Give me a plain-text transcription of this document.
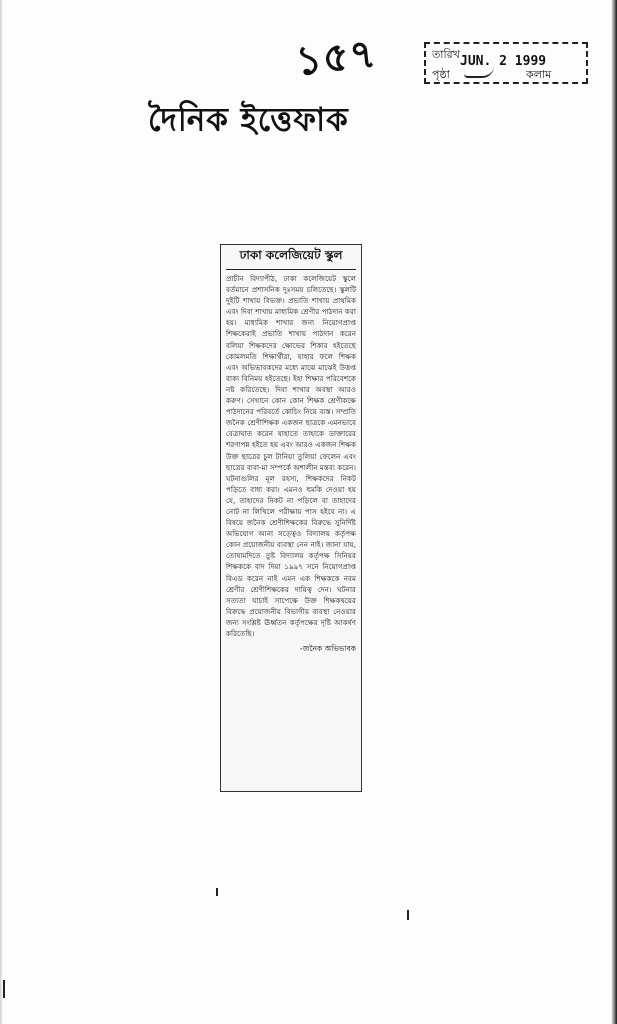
১৫৭
দৈনিক ইত্তেফাক
তারিখ JUN. 2 1999
পৃষ্ঠা	কলাম
ঢাকা কলেজিয়েট স্কুল

প্রাচীন বিদ্যাপীঠ, ঢাকা কলেজিয়েট স্কুলে বর্তমানে প্রশাসনিক দুঃসময় চলিতেছে। স্কুলটি দুইটি শাখায় বিভক্ত। প্রভাতি শাখায় প্রাথমিক এবং দিবা শাখায় মাধ্যমিক শ্রেণীর পাঠদান করা হয়। মাধ্যমিক শাখার জন্য নিয়োগপ্রাপ্ত শিক্ষকেরাই প্রভাতি শাখায় পাঠদান করেন বলিয়া শিক্ষকদের ক্ষোভের শিকার হইতেছে কোমলমতি শিক্ষার্থীরা, যাহার ফলে শিক্ষক এবং অভিভাবকদের মধ্যে মাঝে মাঝেই উত্তপ্ত বাক্য বিনিময় হইতেছে। ইহা শিক্ষার পরিবেশকে নষ্ট করিতেছে। দিবা শাখার অবস্থা আরও করুণ। সেখানে কোন কোন শিক্ষক শ্রেণীকক্ষে পাঠদানের পরিবর্তে কোচিং নিয়ে ব্যস্ত। সম্প্রতি জনৈক শ্রেণীশিক্ষক একজন ছাত্রকে এমনভাবে বেত্রাঘাত করেন যাহাতে তাহাকে ডাক্তারের শরণাপন্ন হইতে হয় এবং আরও একজন শিক্ষক উক্ত ছাত্রের চুল টানিয়া তুলিয়া ফেলেন এবং ছাত্রের বাবা-মা সম্পর্কে অশালীন মন্তব্য করেন। ঘটনাগুলির মূল রহস্য, শিক্ষকদের নিকট পড়িতে বাধ্য করা। এমনও হুমকি দেওয়া হয় যে, তাহাদের নিকট না পড়িলে বা তাহাদের নোট না লিখিলে পরীক্ষায় পাস হইবে না। এ বিষয়ে জনৈক শ্রেণীশিক্ষকের বিরুদ্ধে সুনির্দিষ্ট অভিযোগ আনা সত্ত্বেও বিদ্যালয় কর্তৃপক্ষ কোন প্রয়োজনীয় ব্যবস্থা নেন নাই। জানা যায়, তোষামদিতে তুষ্ট বিদ্যালয় কর্তৃপক্ষ সিনিয়র শিক্ষককে বাদ দিয়া ১৯৯৭ সনে নিয়োগপ্রাপ্ত বিএড করেন নাই এমন এক শিক্ষককে নবম শ্রেণীর শ্রেণীশিক্ষকের দায়িত্ব দেন। ঘটনার সত্যতা যাচাই সাপেক্ষে উক্ত শিক্ষকদ্বয়ের বিরুদ্ধে প্রয়োজনীয় বিভাগীয় ব্যবস্থা নেওয়ার জন্য সংশ্লিষ্ট ঊর্ধ্বতন কর্তৃপক্ষের দৃষ্টি আকর্ষণ করিতেছি।

-জনৈক অভিভাবক
